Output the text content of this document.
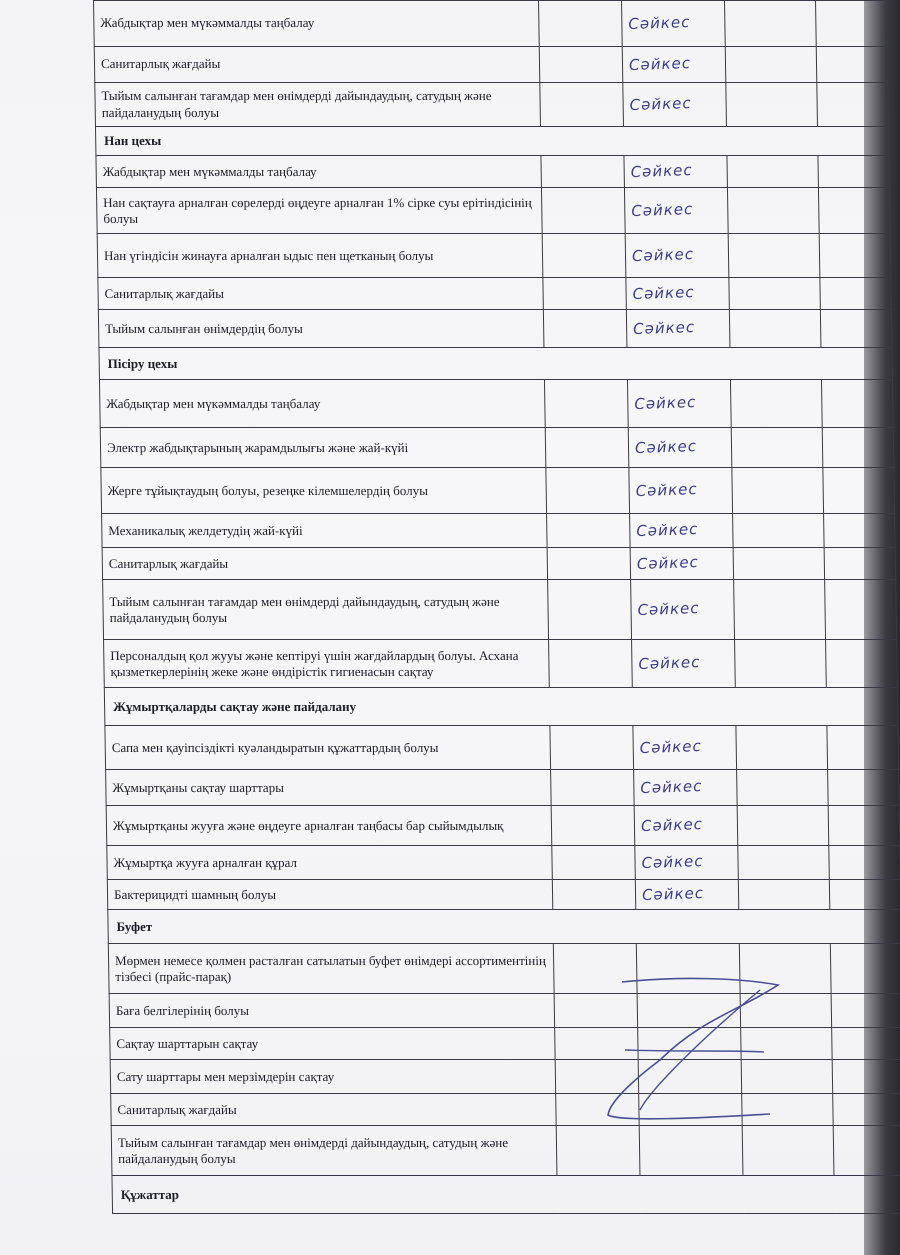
Жабдықтар мен мүкәммалды таңбалау		Сәйкес		
Санитарлық жағдайы		Сәйкес		
Тыйым салынған тағамдар мен өнімдерді дайындаудың, сатудың және пайдаланудың болуы		Сәйкес		
Нан цехы				
Жабдықтар мен мүкәммалды таңбалау		Сәйкес		
Нан сақтауға арналған сөрелерді өңдеуге арналған 1% сірке суы ерітіндісінің болуы		Сәйкес		
Нан үгіндісін жинауға арналған ыдыс пен щетканың болуы		Сәйкес		
Санитарлық жағдайы		Сәйкес		
Тыйым салынған өнімдердің болуы		Сәйкес		
Пісіру цехы				
Жабдықтар мен мүкәммалды таңбалау		Сәйкес		
Электр жабдықтарының жарамдылығы және жай-күйі		Сәйкес		
Жерге тұйықтаудың болуы, резеңке кілемшелердің болуы		Сәйкес		
Механикалық желдетудің жай-күйі		Сәйкес		
Санитарлық жағдайы		Сәйкес		
Тыйым салынған тағамдар мен өнімдерді дайындаудың, сатудың және пайдаланудың болуы		Сәйкес		
Персоналдың қол жууы және кептіруі үшін жағдайлардың болуы. Асхана қызметкерлерінің жеке және өндірістік гигиенасын сақтау		Сәйкес		
Жұмыртқаларды сақтау және пайдалану				
Сапа мен қауіпсіздікті куәландыратын құжаттардың болуы		Сәйкес		
Жұмыртқаны сақтау шарттары		Сәйкес		
Жұмыртқаны жууға және өңдеуге арналған таңбасы бар сыйымдылық		Сәйкес		
Жұмыртқа жууға арналған құрал		Сәйкес		
Бактерицидті шамның болуы		Сәйкес		
Буфет				
Мөрмен немесе қолмен расталған сатылатын буфет өнімдері ассортиментінің тізбесі (прайс-парақ)				
Баға белгілерінің болуы				
Сақтау шарттарын сақтау				
Сату шарттары мен мерзімдерін сақтау				
Санитарлық жағдайы				
Тыйым салынған тағамдар мен өнімдерді дайындаудың, сатудың және пайдаланудың болуы				
Құжаттар				
